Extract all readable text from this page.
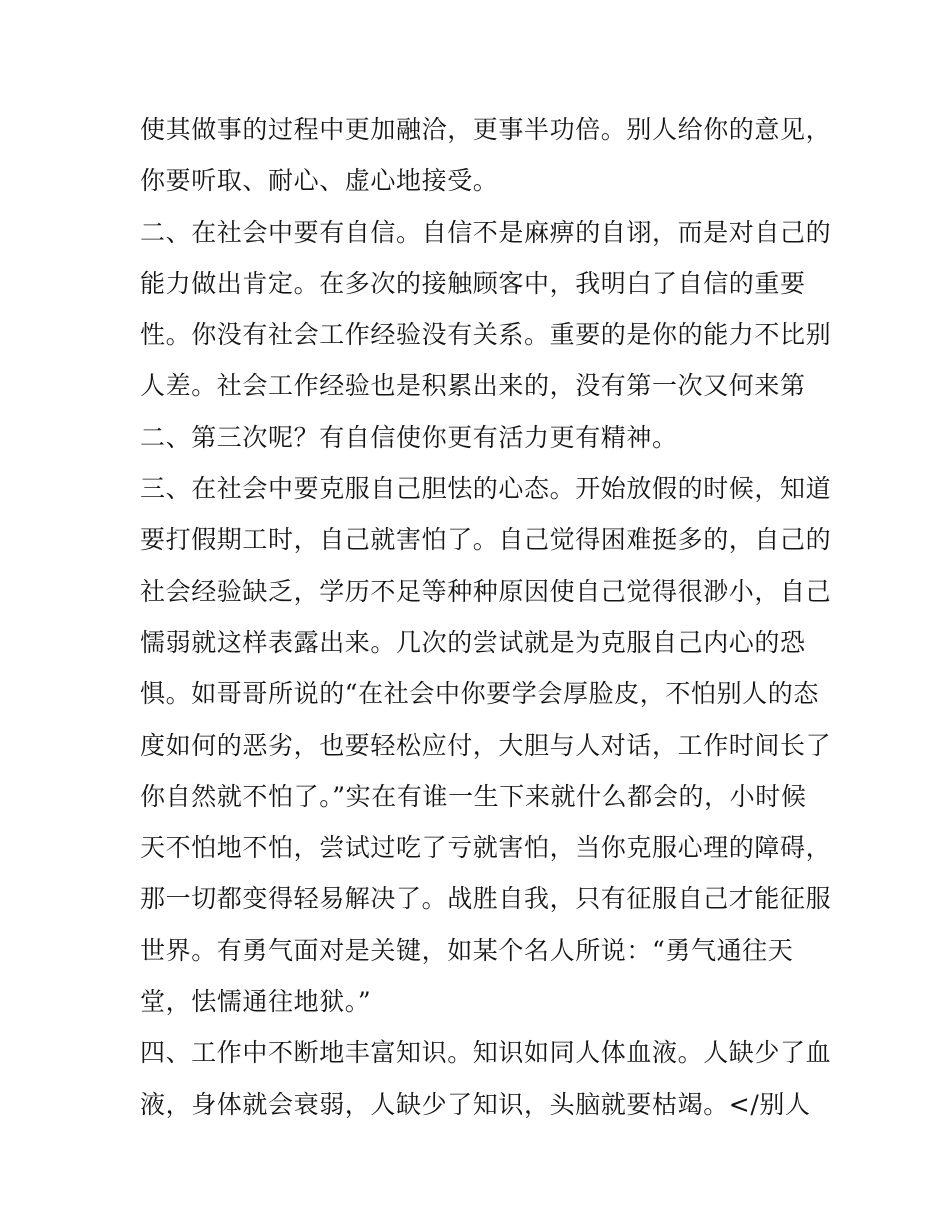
使其做事的过程中更加融洽，更事半功倍。别人给你的意见，
你要听取、耐心、虚心地接受。
二、在社会中要有自信。自信不是麻痹的自诩，而是对自己的
能力做出肯定。在多次的接触顾客中，我明白了自信的重要
性。你没有社会工作经验没有关系。重要的是你的能力不比别
人差。社会工作经验也是积累出来的，没有第一次又何来第
二、第三次呢？有自信使你更有活力更有精神。
三、在社会中要克服自己胆怯的心态。开始放假的时候，知道
要打假期工时，自己就害怕了。自己觉得困难挺多的，自己的
社会经验缺乏，学历不足等种种原因使自己觉得很渺小，自己
懦弱就这样表露出来。几次的尝试就是为克服自己内心的恐
惧。如哥哥所说的“在社会中你要学会厚脸皮，不怕别人的态
度如何的恶劣，也要轻松应付，大胆与人对话，工作时间长了
你自然就不怕了。”实在有谁一生下来就什么都会的，小时候
天不怕地不怕，尝试过吃了亏就害怕，当你克服心理的障碍，
那一切都变得轻易解决了。战胜自我，只有征服自己才能征服
世界。有勇气面对是关键，如某个名人所说：“勇气通往天
堂，怯懦通往地狱。”
四、工作中不断地丰富知识。知识如同人体血液。人缺少了血
液，身体就会衰弱，人缺少了知识，头脑就要枯竭。</别人
